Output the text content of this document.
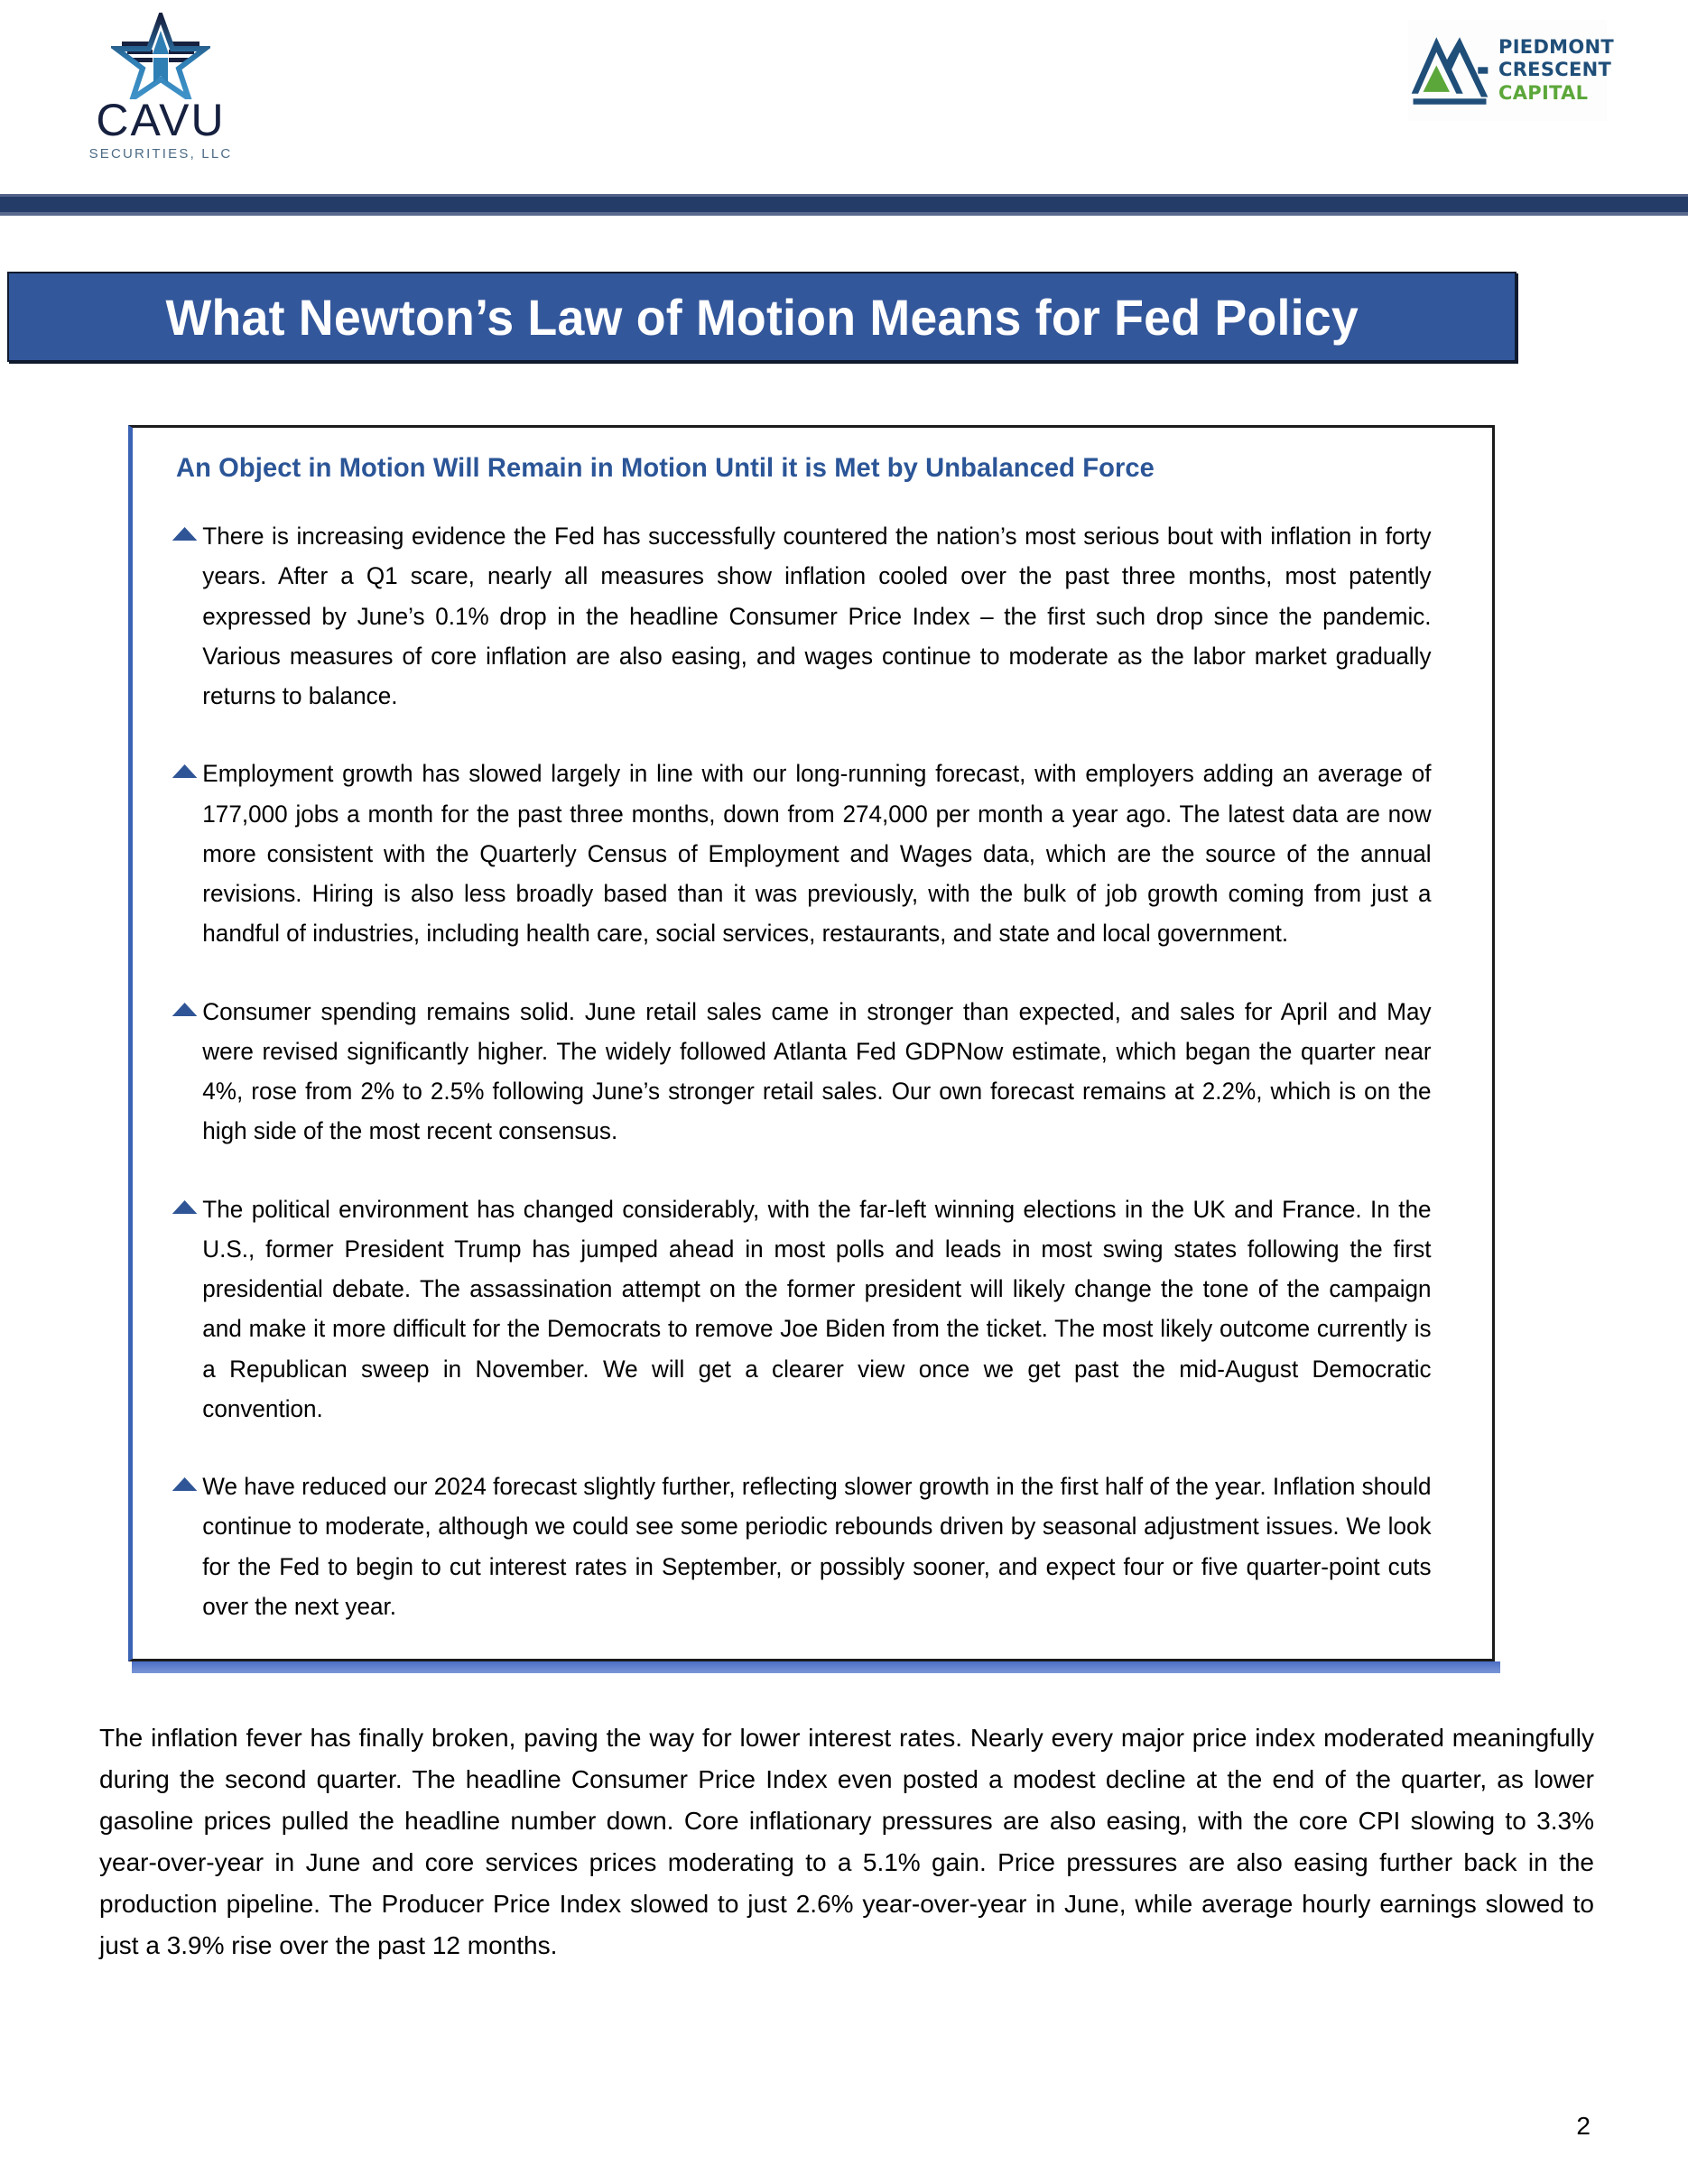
CAVU
SECURITIES, LLC
PIEDMONT
CRESCENT
CAPITAL
What Newton’s Law of Motion Means for Fed Policy
An Object in Motion Will Remain in Motion Until it is Met by Unbalanced Force
There is increasing evidence the Fed has successfully countered the nation’s most serious bout with inflation in forty years. After a Q1 scare, nearly all measures show inflation cooled over the past three months, most patently expressed by June’s 0.1% drop in the headline Consumer Price Index – the first such drop since the pandemic. Various measures of core inflation are also easing, and wages continue to moderate as the labor market gradually returns to balance.
Employment growth has slowed largely in line with our long-running forecast, with employers adding an average of 177,000 jobs a month for the past three months, down from 274,000 per month a year ago. The latest data are now more consistent with the Quarterly Census of Employment and Wages data, which are the source of the annual revisions. Hiring is also less broadly based than it was previously, with the bulk of job growth coming from just a handful of industries, including health care, social services, restaurants, and state and local government.
Consumer spending remains solid. June retail sales came in stronger than expected, and sales for April and May were revised significantly higher. The widely followed Atlanta Fed GDPNow estimate, which began the quarter near 4%, rose from 2% to 2.5% following June’s stronger retail sales. Our own forecast remains at 2.2%, which is on the high side of the most recent consensus.
The political environment has changed considerably, with the far-left winning elections in the UK and France. In the U.S., former President Trump has jumped ahead in most polls and leads in most swing states following the first presidential debate. The assassination attempt on the former president will likely change the tone of the campaign and make it more difficult for the Democrats to remove Joe Biden from the ticket. The most likely outcome currently is a Republican sweep in November. We will get a clearer view once we get past the mid-August Democratic convention.
We have reduced our 2024 forecast slightly further, reflecting slower growth in the first half of the year. Inflation should continue to moderate, although we could see some periodic rebounds driven by seasonal adjustment issues. We look for the Fed to begin to cut interest rates in September, or possibly sooner, and expect four or five quarter-point cuts over the next year.
The inflation fever has finally broken, paving the way for lower interest rates. Nearly every major price index moderated meaningfully during the second quarter. The headline Consumer Price Index even posted a modest decline at the end of the quarter, as lower gasoline prices pulled the headline number down. Core inflationary pressures are also easing, with the core CPI slowing to 3.3% year-over-year in June and core services prices moderating to a 5.1% gain. Price pressures are also easing further back in the production pipeline. The Producer Price Index slowed to just 2.6% year-over-year in June, while average hourly earnings slowed to just a 3.9% rise over the past 12 months.
2
